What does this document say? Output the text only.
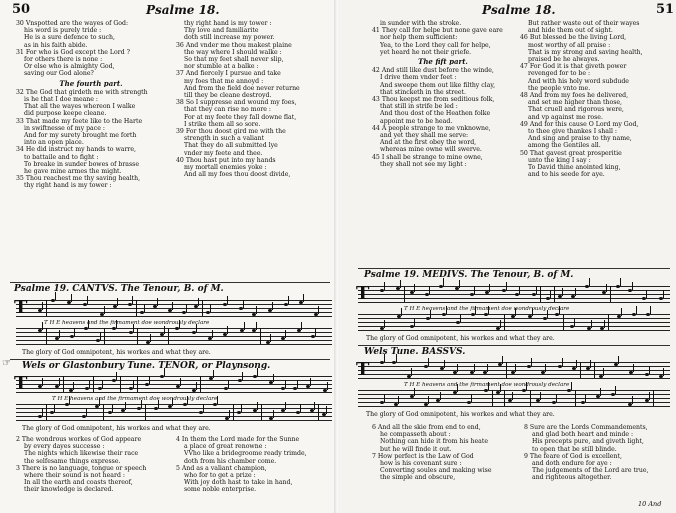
50	Psalme 18.

30 Vnspotted are the wayes of God:

his word is purely tride :

He is a sure defence to such,

as in his faith abide.

31 For who is God except the Lord ?

for others there is none :

Or else who is almighty God,

saving our God alone?

The fourth part.

32 The God that girdeth me with strength

is he that I doe meane :

That all the wayes whereon I walke

did purpose keepe cleane.

33 That made my feete like to the Harte

in swiftnesse of my pace :

And for my surety brought me forth

into an open place.

34 He did instruct my hands to warre,

to battaile and to fight :

To breake in sunder bowes of brasse

he gave mine armes the might.

35 Thou reachest me thy saving health,

thy right hand is my tower :

thy right hand is my tower :

Thy love and familiarite

doth still increase my power.

36 And vnder me thou makest plaine

the way where I should walke :

So that my feet shall never slip,

nor stumble at a balke :

37 And fiercely I pursue and take

my foes that me annoyd :

And from the field doe never returne

till they be cleane destroyd.

38 So I suppresse and wound my foes,

that they can rise no more :

For at my feete they fall downe flat,

I strike them all so sore.

39 For thou doost gird me with the

strength in such a valiant

That they do all submitted lye

vnder my feete and thee.

40 Thou hast put into my hands

my mortall enemies yoke :

And all my foes thou doost divide,

Psalme 19. CANTVS. The Tenour, B. of M.
T
T H E heavens and the firmament doe wondrously declare
The glory of God omnipotent, his workes and what they are.
☞ Wels or Glastonbury Tune. TENOR, or Playnsong.
T
T H E heavens and the firmament doe wondrously declare
The glory of God omnipotent, his workes and what they are.

2 The wondrous workes of God appeare

by every dayes successe :

The nights which likewise their race

the selfesame things expresse.

3 There is no language, tongue or speech

where their sound is not heard :

In all the earth and coasts thereof,

their knowledge is declared.

4 In them the Lord made for the Sunne

a place of great renowne :

VVho like a bridegroome ready trimde,

doth from his chamber come.

5 And as a valiant champion,

who for to get a prize :

With joy doth hast to take in hand,

some noble enterprise.

Psalme 18.	51

in sunder with the stroke.

41 They call for helpe but none gave eare

nor help them sufficient:

Yea, to the Lord they call for helpe,

yet heard he not their griefe.

The fift part.

42 And still like dust before the winde,

I drive them vnder feet :

And sweepe them out like filthy clay,

that stincketh in the street.

43 Thou keepst me from seditious folk,

that still in strife be led :

And thou dost of the Heathen folke

appoint me to be head.

44 A people strange to me vnknowne,

and yet they shall me serve:

And at the first obey the word,

whereas mine owne will swerve.

45 I shall be strange to mine owne,

they shall not see my light :

But rather waste out of their wayes

and hide them out of sight.

46 But blessed be the living Lord,

most worthy of all praise :

That is my strong and saving health,

praised be he alwayes.

47 For God it is that giveth power

revenged for to be :

And with his holy word subdude

the people vnto me.

48 And from my foes he delivered,

and set me higher than those,

That cruell and rigorous were,

and vp against me rose.

49 And for this cause O Lord my God,

to thee give thankes I shall :

And sing and praise to thy name,

among the Gentiles all.

50 That gavest great prosperitie

unto the king I say :

To David thine anointed king,

and to his seede for aye.

Psalme 19. MEDIVS. The Tenour, B. of M.
T
T H E heavens and the firmament doe wondrously declare
The glory of God omnipotent, his workes and what they are.
Wels Tune. BASSVS.
T
T H E heavens and the firmament doe wondrously declare
The glory of God omnipotent, his workes and what they are.

6 And all the skie from end to end,

he compasseth about :

Nothing can hide it from his heate

but he will finde it out.

7 How perfect is the Law of God

how is his covenant sure :

Converting soules and making wise

the simple and obscure,

8 Sure are the Lords Commandements,

and glad both heart and minde :

His precepts pure, and giveth light,

to open that be still blinde.

9 The feare of God is excellent,

and doth endure for aye :

The judgements of the Lord are true,

and righteous altogether.

10 And
